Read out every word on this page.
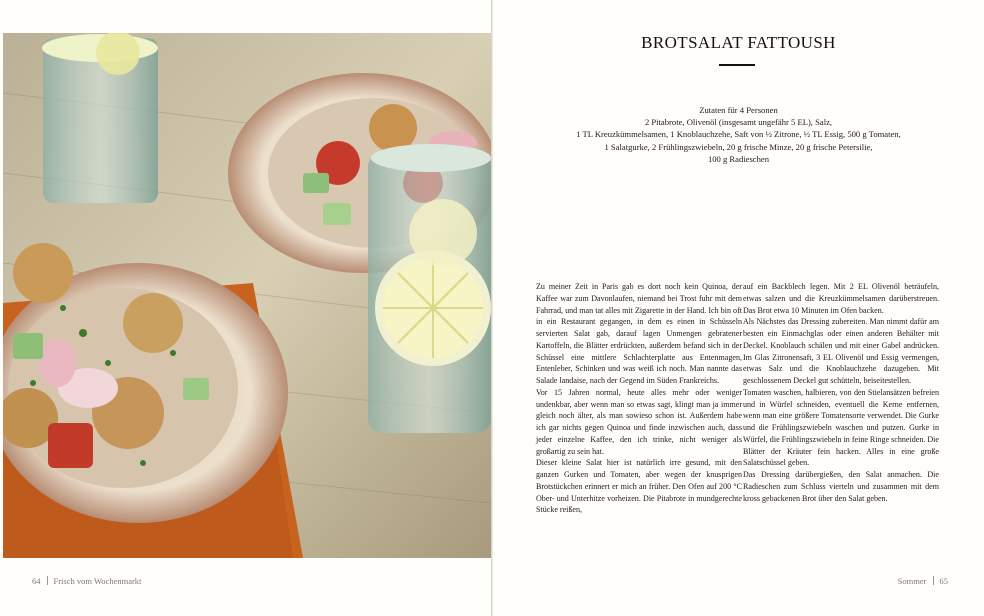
64 Frisch vom Wochenmarkt
BROTSALAT FATTOUSH
Zutaten für 4 Personen
2 Pitabrote, Olivenöl (insgesamt ungefähr 5 EL), Salz,
1 TL Kreuzkümmelsamen, 1 Knoblauchzehe, Saft von ½ Zitrone, ½ TL Essig, 500 g Tomaten,
1 Salatgurke, 2 Frühlingszwiebeln, 20 g frische Minze, 20 g frische Petersilie,
100 g Radieschen

Zu meiner Zeit in Paris gab es dort noch kein Quinoa, der Kaffee war zum Davonlaufen, niemand bei Trost fuhr mit dem Fahrrad, und man tat alles mit Zigarette in der Hand. Ich bin oft in ein Restaurant gegangen, in dem es einen in Schüsseln servierten Salat gab, darauf lagen Unmengen gebratener Kartoffeln, die Blätter erdrückten, außerdem befand sich in der Schüssel eine mittlere Schlachterplatte aus Entenmagen, Entenleber, Schinken und was weiß ich noch. Man nannte das Salade landaise, nach der Gegend im Süden Frankreichs.

Vor 15 Jahren normal, heute alles mehr oder weniger undenkbar, aber wenn man so etwas sagt, klingt man ja immer gleich noch älter, als man sowieso schon ist. Außerdem habe ich gar nichts gegen Quinoa und finde inzwischen auch, dass jeder einzelne Kaffee, den ich trinke, nicht weniger als großartig zu sein hat.

Dieser kleine Salat hier ist natürlich irre gesund, mit den ganzen Gurken und Tomaten, aber wegen der knusprigen Brotstückchen erinnert er mich an früher. Den Ofen auf 200 °C Ober- und Unterhitze vorheizen. Die Pitabrote in mundgerechte Stücke reißen,

auf ein Backblech legen. Mit 2 EL Olivenöl beträufeln, etwas salzen und die Kreuzkümmelsamen darüberstreuen. Das Brot etwa 10 Minuten im Ofen backen.

Als Nächstes das Dressing zubereiten. Man nimmt dafür am besten ein Einmachglas oder einen anderen Behälter mit Deckel. Knoblauch schälen und mit einer Gabel andrücken. Im Glas Zitronensaft, 3 EL Olivenöl und Essig vermengen, etwas Salz und die Knoblauchzehe dazugeben. Mit geschlossenem Deckel gut schütteln, beiseitestellen.

Tomaten waschen, halbieren, von den Stielansätzen befreien und in Würfel schneiden, eventuell die Kerne entfernen, wenn man eine größere Tomatensorte verwendet. Die Gurke und die Frühlingszwiebeln waschen und putzen. Gurke in Würfel, die Frühlingszwiebeln in feine Ringe schneiden. Die Blätter der Kräuter fein hacken. Alles in eine große Salatschüssel geben.

Das Dressing darübergießen, den Salat anmachen. Die Radieschen zum Schluss vierteln und zusammen mit dem kross gebackenen Brot über den Salat geben.

Sommer 65
